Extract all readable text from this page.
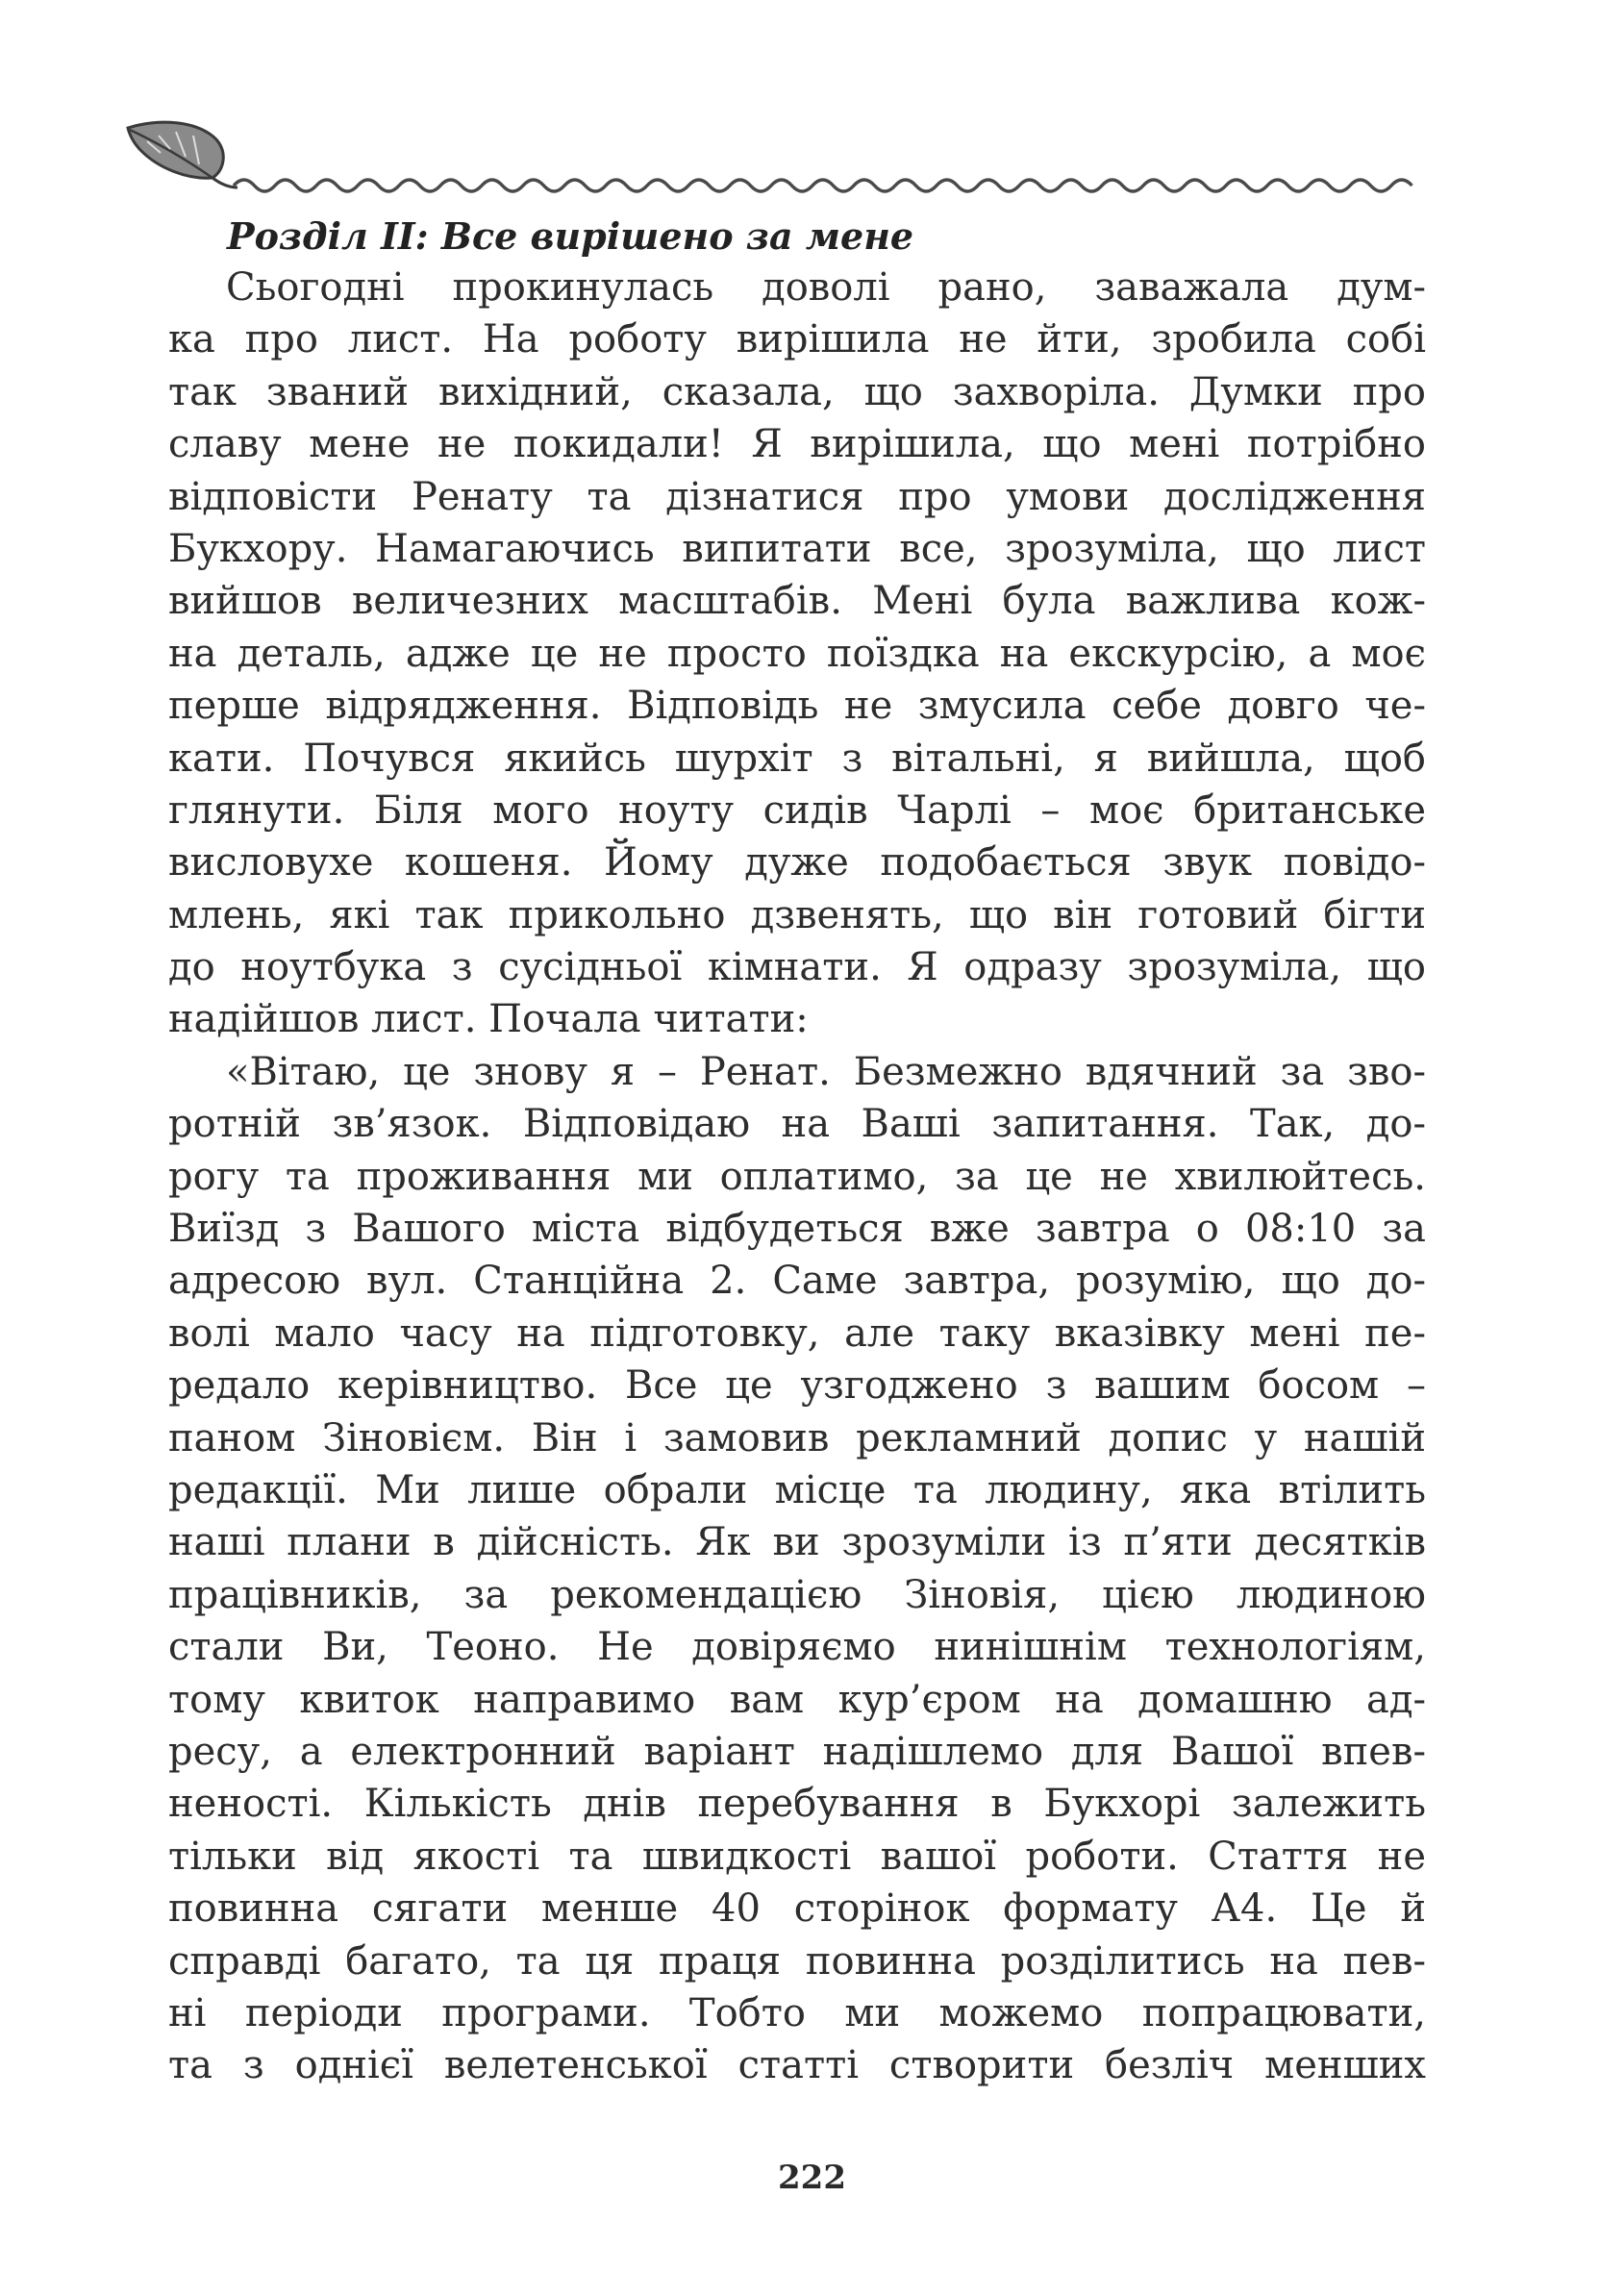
Розділ ІІ: Все вирішено за мене
Сьогодні прокинулась доволі рано, заважала дум-
ка про лист. На роботу вирішила не йти, зробила собі
так званий вихідний, сказала, що захворіла. Думки про
славу мене не покидали! Я вирішила, що мені потрібно
відповісти Ренату та дізнатися про умови дослідження
Букхору. Намагаючись випитати все, зрозуміла, що лист
вийшов величезних масштабів. Мені була важлива кож-
на деталь, адже це не просто поїздка на екскурсію, а моє
перше відрядження. Відповідь не змусила себе довго че-
кати. Почувся якийсь шурхіт з вітальні, я вийшла, щоб
глянути. Біля мого ноуту сидів Чарлі – моє британське
висловухе кошеня. Йому дуже подобається звук повідо-
млень, які так прикольно дзвенять, що він готовий бігти
до ноутбука з сусідньої кімнати. Я одразу зрозуміла, що
надійшов лист. Почала читати:
«Вітаю, це знову я – Ренат. Безмежно вдячний за зво-
ротній зв’язок. Відповідаю на Ваші запитання. Так, до-
рогу та проживання ми оплатимо, за це не хвилюйтесь.
Виїзд з Вашого міста відбудеться вже завтра о 08:10 за
адресою вул. Станційна 2. Саме завтра, розумію, що до-
волі мало часу на підготовку, але таку вказівку мені пе-
редало керівництво. Все це узгоджено з вашим босом –
паном Зіновієм. Він і замовив рекламний допис у нашій
редакції. Ми лише обрали місце та людину, яка втілить
наші плани в дійсність. Як ви зрозуміли із п’яти десятків
працівників, за рекомендацією Зіновія, цією людиною
стали Ви, Теоно. Не довіряємо нинішнім технологіям,
тому квиток направимо вам кур’єром на домашню ад-
ресу, а електронний варіант надішлемо для Вашої впев-
неності. Кількість днів перебування в Букхорі залежить
тільки від якості та швидкості вашої роботи. Стаття не
повинна сягати менше 40 сторінок формату А4. Це й
справді багато, та ця праця повинна розділитись на пев-
ні періоди програми. Тобто ми можемо попрацювати,
та з однієї велетенської статті створити безліч менших
222
